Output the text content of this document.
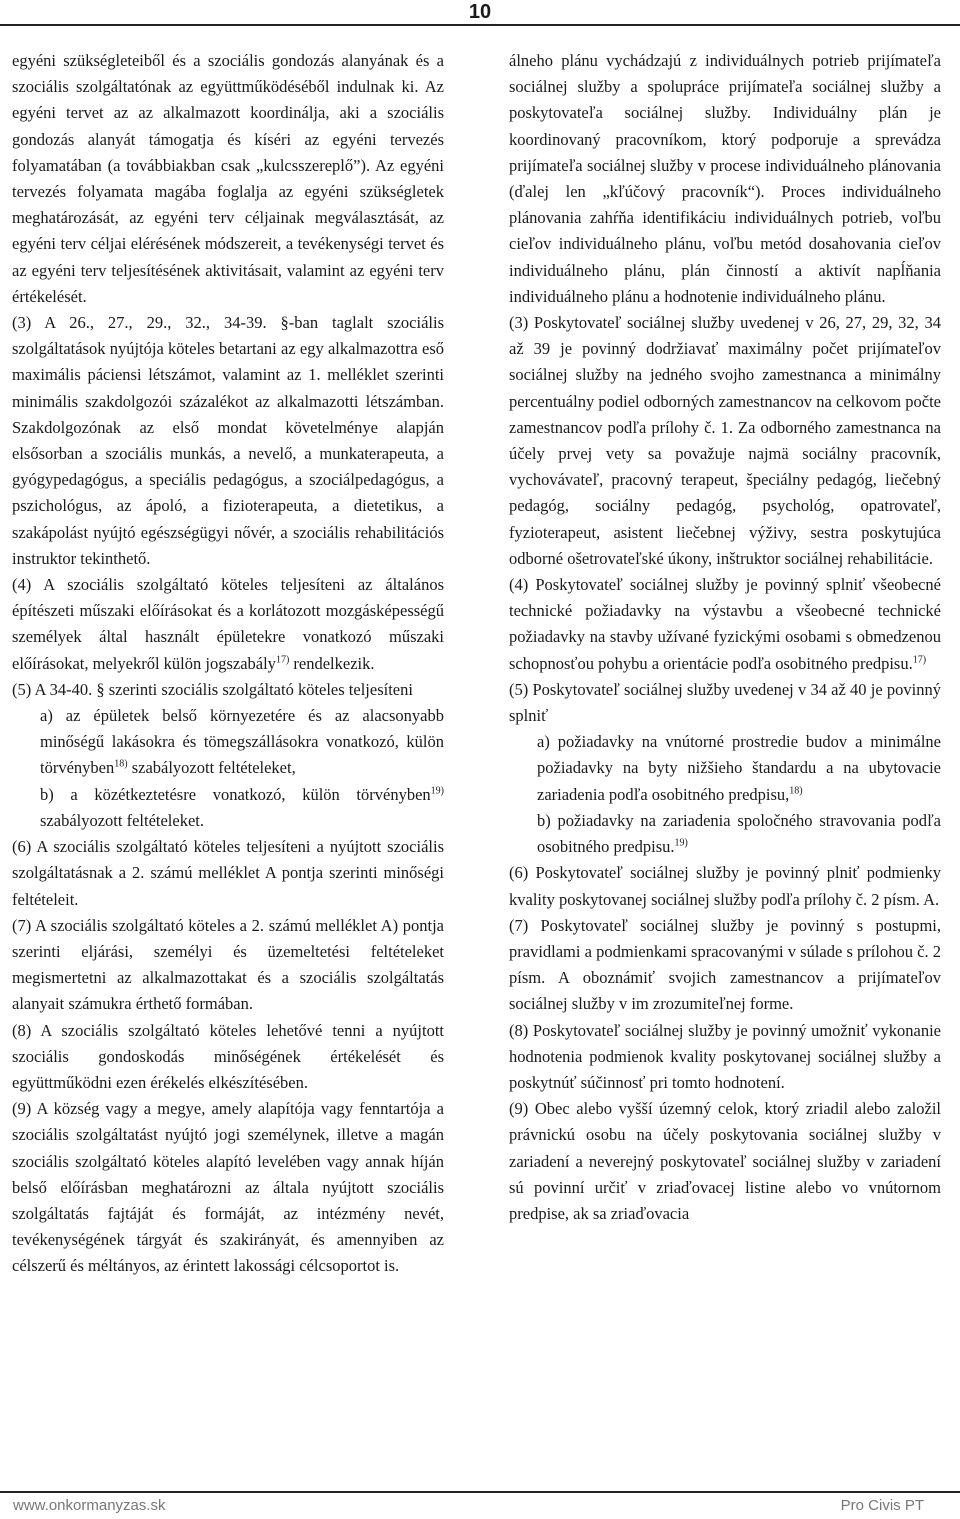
10

egyéni szükségleteiből és a szociális gondozás alanyának és a szociális szolgáltatónak az együttműködéséből indulnak ki. Az egyéni tervet az az alkalmazott koordinálja, aki a szociális gondozás alanyát támogatja és kíséri az egyéni tervezés folyamatában (a továbbiakban csak „kulcsszereplő”). Az egyéni tervezés folyamata magába foglalja az egyéni szükségletek meghatározását, az egyéni terv céljainak megválasztását, az egyéni terv céljai elérésének módszereit, a tevékenységi tervet és az egyéni terv teljesítésének aktivitásait, valamint az egyéni terv értékelését.

(3) A 26., 27., 29., 32., 34-39. §-ban taglalt szociális szolgáltatások nyújtója köteles betartani az egy alkalmazottra eső maximális páciensi létszámot, valamint az 1. melléklet szerinti minimális szakdolgozói százalékot az alkalmazotti létszámban. Szakdolgozónak az első mondat követelménye alapján elsősorban a szociális munkás, a nevelő, a munkaterapeuta, a gyógypedagógus, a speciális pedagógus, a szociálpedagógus, a pszichológus, az ápoló, a fizioterapeuta, a dietetikus, a szakápolást nyújtó egészségügyi nővér, a szociális rehabilitációs instruktor tekinthető.

(4) A szociális szolgáltató köteles teljesíteni az általános építészeti műszaki előírásokat és a korlátozott mozgásképességű személyek által használt épületekre vonatkozó műszaki előírásokat, melyekről külön jogszabály$^{17)}$ rendelkezik.

(5) A 34-40. § szerinti szociális szolgáltató köteles teljesíteni

a) az épületek belső környezetére és az alacsonyabb minőségű lakásokra és tömegszállásokra vonatkozó, külön törvényben$^{18)}$ szabályozott feltételeket,

b) a közétkeztetésre vonatkozó, külön törvényben$^{19)}$ szabályozott feltételeket.

(6) A szociális szolgáltató köteles teljesíteni a nyújtott szociális szolgáltatásnak a 2. számú melléklet A pontja szerinti minőségi feltételeit.

(7) A szociális szolgáltató köteles a 2. számú melléklet A) pontja szerinti eljárási, személyi és üzemeltetési feltételeket megismertetni az alkalmazottakat és a szociális szolgáltatás alanyait számukra érthető formában.

(8) A szociális szolgáltató köteles lehetővé tenni a nyújtott szociális gondoskodás minőségének értékelését és együttműködni ezen érékelés elkészítésében.

(9) A község vagy a megye, amely alapítója vagy fenntartója a szociális szolgáltatást nyújtó jogi személynek, illetve a magán szociális szolgáltató köteles alapító levelében vagy annak híján belső előírásban meghatározni az általa nyújtott szociális szolgáltatás fajtáját és formáját, az intézmény nevét, tevékenységének tárgyát és szakirányát, és amennyiben az célszerű és méltányos, az érintett lakossági célcsoportot is.

álneho plánu vychádzajú z individuálnych potrieb prijímateľa sociálnej služby a spolupráce prijímateľa sociálnej služby a poskytovateľa sociálnej služby. Individuálny plán je koordinovaný pracovníkom, ktorý podporuje a sprevádza prijímateľa sociálnej služby v procese individuálneho plánovania (ďalej len „kľúčový pracovník“). Proces individuálneho plánovania zahŕňa identifikáciu individuálnych potrieb, voľbu cieľov individuálneho plánu, voľbu metód dosahovania cieľov individuálneho plánu, plán činností a aktivít napĺňania individuálneho plánu a hodnotenie individuálneho plánu.

(3) Poskytovateľ sociálnej služby uvedenej v 26, 27, 29, 32, 34 až 39 je povinný dodržiavať maximálny počet prijímateľov sociálnej služby na jedného svojho zamestnanca a minimálny percentuálny podiel odborných zamestnancov na celkovom počte zamestnancov podľa prílohy č. 1. Za odborného zamestnanca na účely prvej vety sa považuje najmä sociálny pracovník, vychovávateľ, pracovný terapeut, špeciálny pedagóg, liečebný pedagóg, sociálny pedagóg, psychológ, opatrovateľ, fyzioterapeut, asistent liečebnej výživy, sestra poskytujúca odborné ošetrovateľské úkony, inštruktor sociálnej rehabilitácie.

(4) Poskytovateľ sociálnej služby je povinný splniť všeobecné technické požiadavky na výstavbu a všeobecné technické požiadavky na stavby užívané fyzickými osobami s obmedzenou schopnosťou pohybu a orientácie podľa osobitného predpisu.$^{17)}$

(5) Poskytovateľ sociálnej služby uvedenej v 34 až 40 je povinný splniť

a) požiadavky na vnútorné prostredie budov a minimálne požiadavky na byty nižšieho štandardu a na ubytovacie zariadenia podľa osobitného predpisu,$^{18)}$

b) požiadavky na zariadenia spoločného stravovania podľa osobitného predpisu.$^{19)}$

(6) Poskytovateľ sociálnej služby je povinný plniť podmienky kvality poskytovanej sociálnej služby podľa prílohy č. 2 písm. A.

(7) Poskytovateľ sociálnej služby je povinný s postupmi, pravidlami a podmienkami spracovanými v súlade s prílohou č. 2 písm. A oboznámiť svojich zamestnancov a prijímateľov sociálnej služby v im zrozumiteľnej forme.

(8) Poskytovateľ sociálnej služby je povinný umožniť vykonanie hodnotenia podmienok kvality poskytovanej sociálnej služby a poskytnúť súčinnosť pri tomto hodnotení.

(9) Obec alebo vyšší územný celok, ktorý zriadil alebo založil právnickú osobu na účely poskytovania sociálnej služby v zariadení a neverejný poskytovateľ sociálnej služby v zariadení sú povinní určiť v zriaďovacej listine alebo vo vnútornom predpise, ak sa zriaďovacia

www.onkormanyzas.sk	Pro Civis PT
